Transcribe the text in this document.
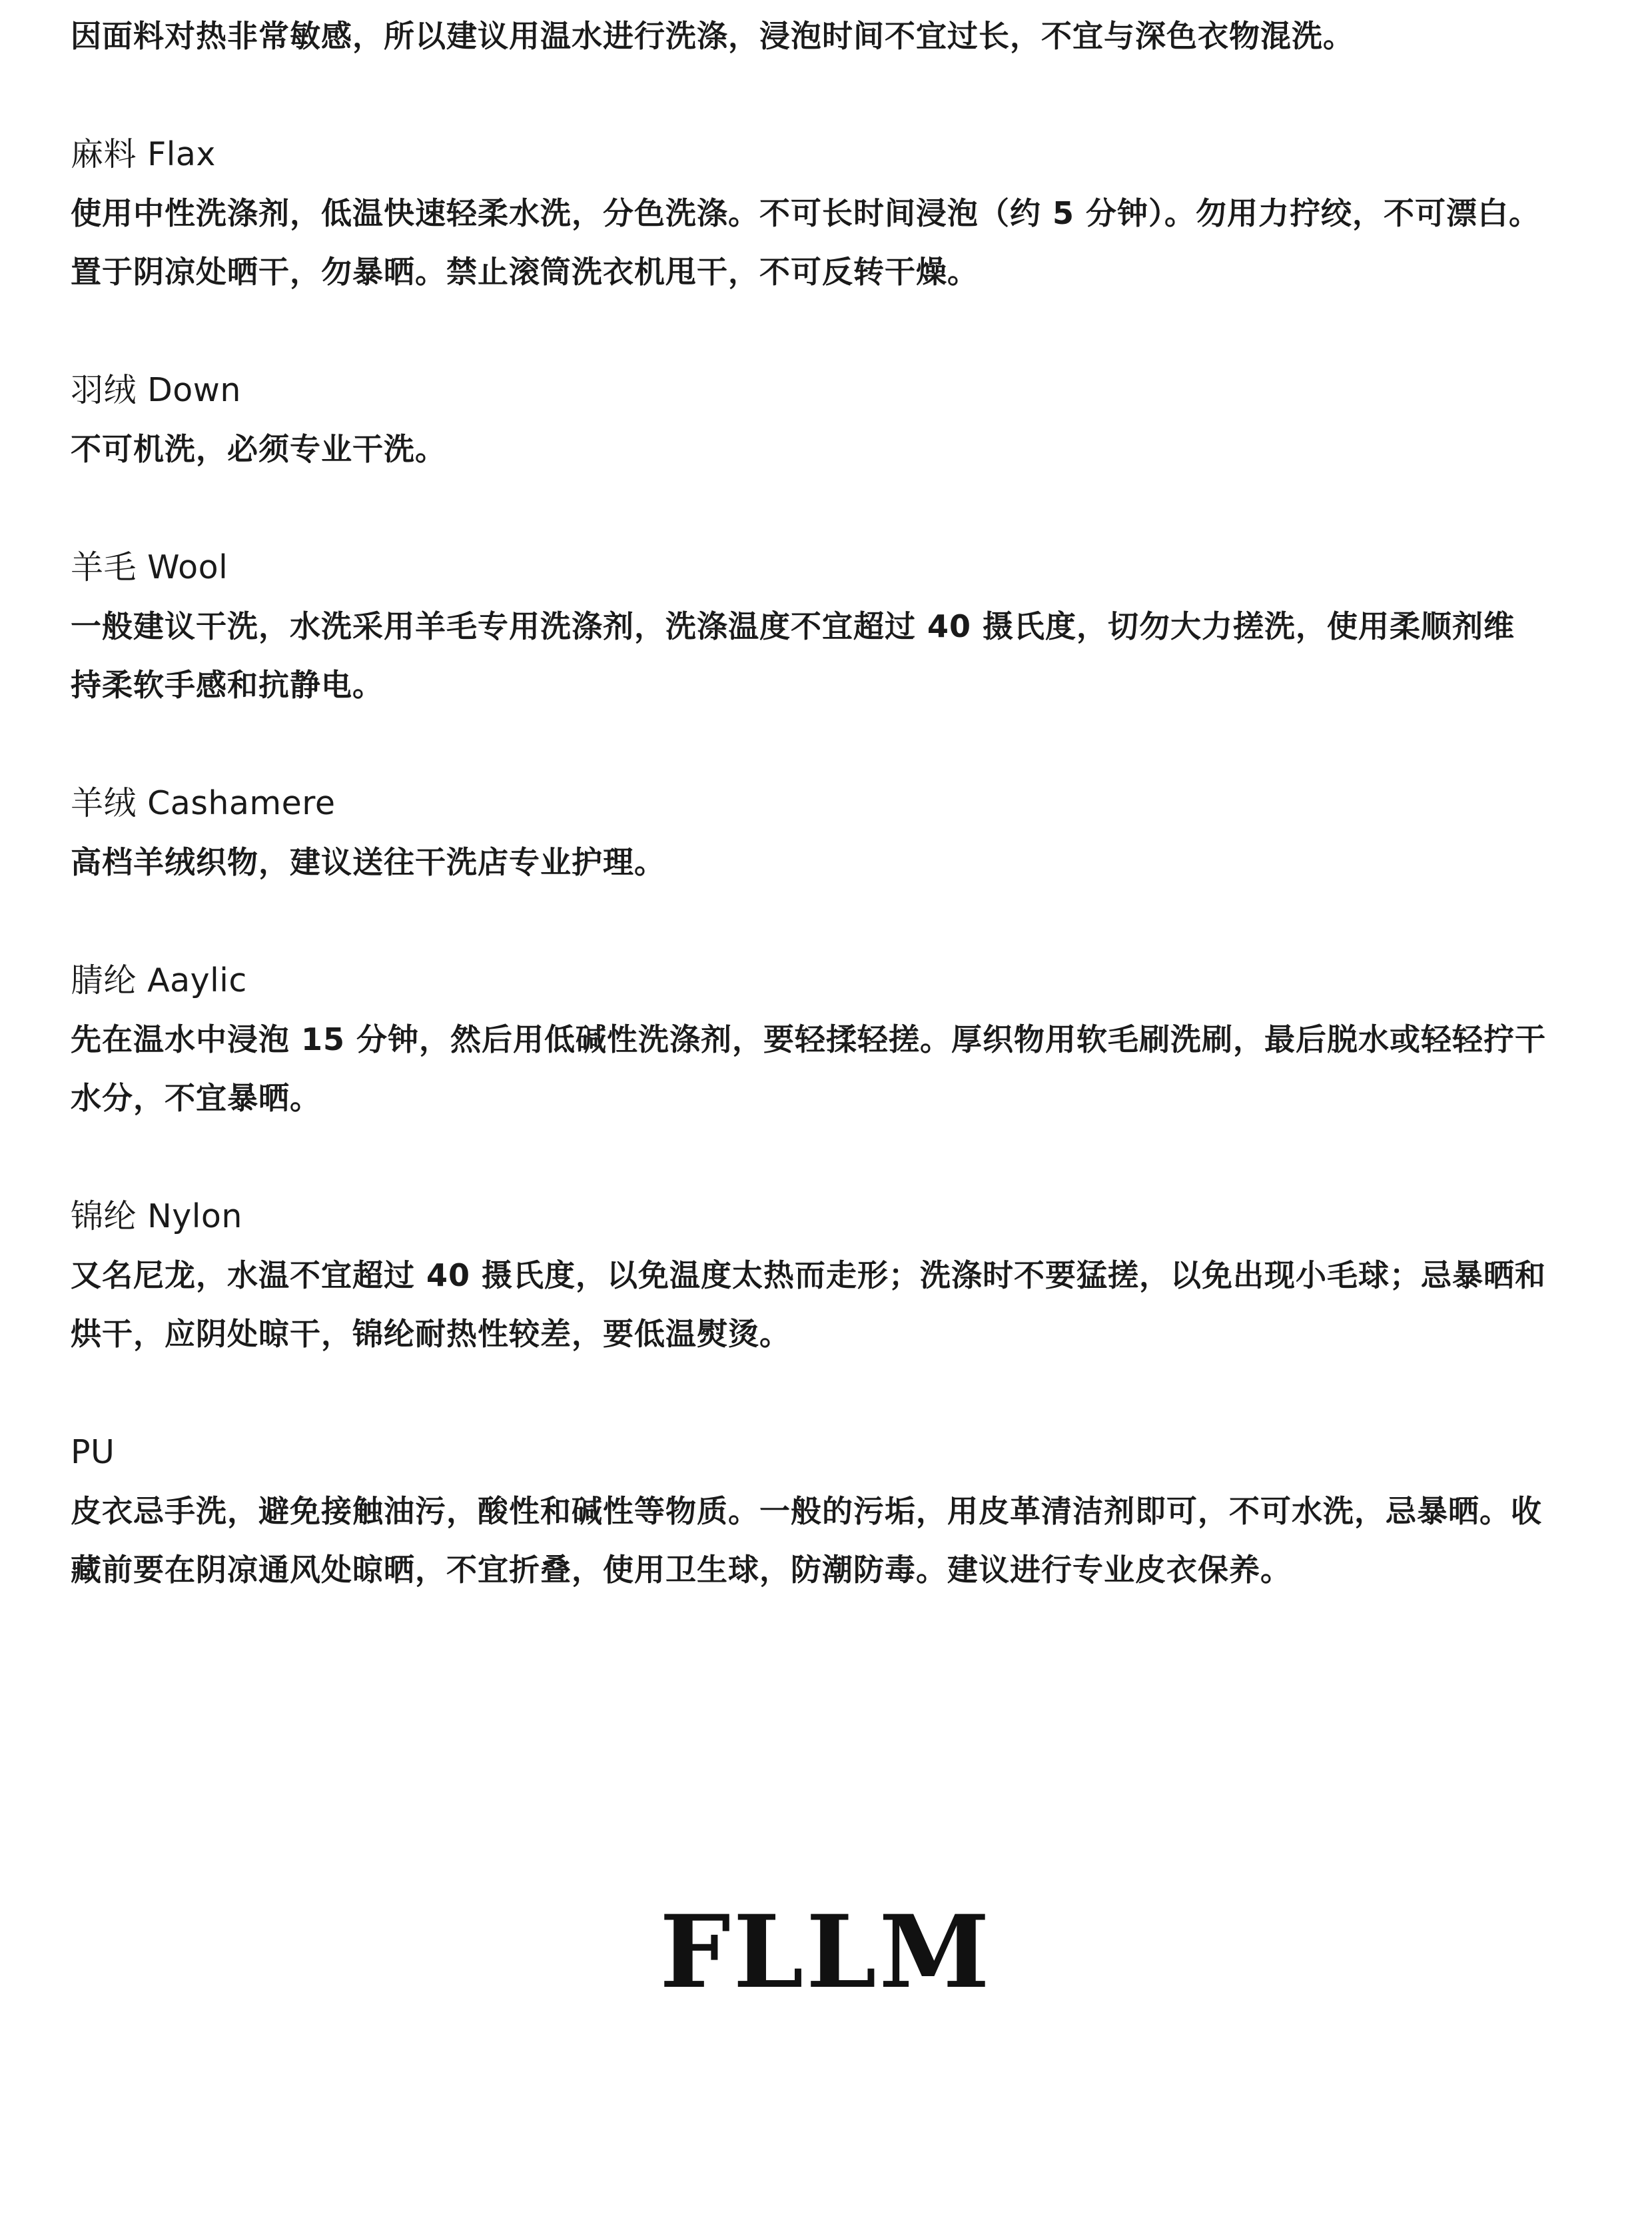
因面料对热非常敏感，所以建议用温水进行洗涤，浸泡时间不宜过长，不宜与深色衣物混洗。

麻料 Flax

使用中性洗涤剂，低温快速轻柔水洗，分色洗涤。不可长时间浸泡（约 5 分钟）。勿用力拧绞，不可漂白。
置于阴凉处晒干，勿暴晒。禁止滚筒洗衣机甩干，不可反转干燥。

羽绒 Down

不可机洗，必须专业干洗。

羊毛 Wool

一般建议干洗，水洗采用羊毛专用洗涤剂，洗涤温度不宜超过 40 摄氏度，切勿大力搓洗，使用柔顺剂维
持柔软手感和抗静电。

羊绒 Cashamere

高档羊绒织物，建议送往干洗店专业护理。

腈纶 Aaylic

先在温水中浸泡 15 分钟，然后用低碱性洗涤剂，要轻揉轻搓。厚织物用软毛刷洗刷，最后脱水或轻轻拧干
水分，不宜暴晒。

锦纶 Nylon

又名尼龙，水温不宜超过 40 摄氏度，以免温度太热而走形；洗涤时不要猛搓，以免出现小毛球；忌暴晒和
烘干，应阴处晾干，锦纶耐热性较差，要低温熨烫。

PU

皮衣忌手洗，避免接触油污，酸性和碱性等物质。一般的污垢，用皮革清洁剂即可，不可水洗，忌暴晒。收
藏前要在阴凉通风处晾晒，不宜折叠，使用卫生球，防潮防毒。建议进行专业皮衣保养。

FLLM
